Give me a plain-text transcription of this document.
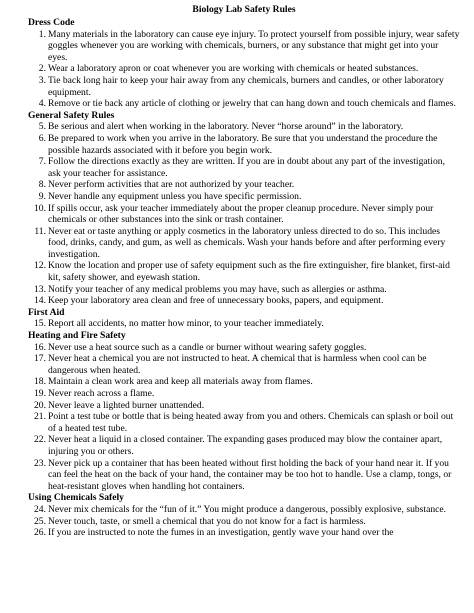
Biology Lab Safety Rules
Dress Code
1. Many materials in the laboratory can cause eye injury. To protect yourself from possible injury, wear safety goggles whenever you are working with chemicals, burners, or any substance that might get into your eyes.
2. Wear a laboratory apron or coat whenever you are working with chemicals or heated substances.
3. Tie back long hair to keep your hair away from any chemicals, burners and candles, or other laboratory equipment.
4. Remove or tie back any article of clothing or jewelry that can hang down and touch chemicals and flames.
General Safety Rules
5. Be serious and alert when working in the laboratory. Never “horse around” in the laboratory.
6. Be prepared to work when you arrive in the laboratory. Be sure that you understand the procedure the possible hazards associated with it before you begin work.
7. Follow the directions exactly as they are written. If you are in doubt about any part of the investigation, ask your teacher for assistance.
8. Never perform activities that are not authorized by your teacher.
9. Never handle any equipment unless you have specific permission.
10. If spills occur, ask your teacher immediately about the proper cleanup procedure. Never simply pour chemicals or other substances into the sink or trash container.
11. Never eat or taste anything or apply cosmetics in the laboratory unless directed to do so. This includes food, drinks, candy, and gum, as well as chemicals. Wash your hands before and after performing every investigation.
12. Know the location and proper use of safety equipment such as the fire extinguisher, fire blanket, first-aid kit, safety shower, and eyewash station.
13. Notify your teacher of any medical problems you may have, such as allergies or asthma.
14. Keep your laboratory area clean and free of unnecessary books, papers, and equipment.
First Aid
15. Report all accidents, no matter how minor, to your teacher immediately.
Heating and Fire Safety
16. Never use a heat source such as a candle or burner without wearing safety goggles.
17. Never heat a chemical you are not instructed to heat. A chemical that is harmless when cool can be dangerous when heated.
18. Maintain a clean work area and keep all materials away from flames.
19. Never reach across a flame.
20. Never leave a lighted burner unattended.
21. Point a test tube or bottle that is being heated away from you and others. Chemicals can splash or boil out of a heated test tube.
22. Never heat a liquid in a closed container. The expanding gases produced may blow the container apart, injuring you or others.
23. Never pick up a container that has been heated without first holding the back of your hand near it. If you can feel the heat on the back of your hand, the container may be too hot to handle. Use a clamp, tongs, or heat-resistant gloves when handling hot containers.
Using Chemicals Safely
24. Never mix chemicals for the “fun of it.” You might produce a dangerous, possibly explosive, substance.
25. Never touch, taste, or smell a chemical that you do not know for a fact is harmless.
26. If you are instructed to note the fumes in an investigation, gently wave your hand over the
